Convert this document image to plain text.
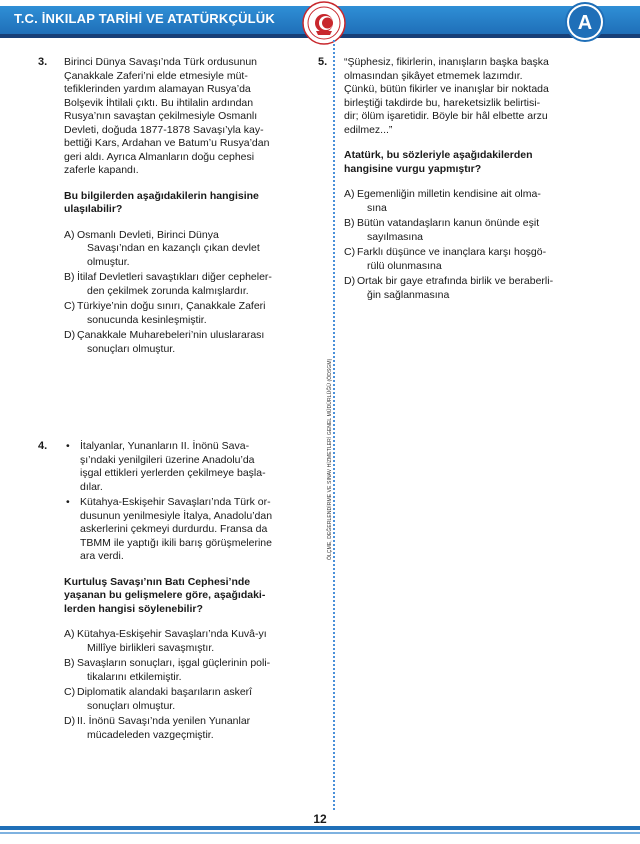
T.C. İNKILAP TARİHİ VE ATATÜRKÇÜLÜK	A
ÖLÇME, DEĞERLENDİRME VE SINAV HİZMETLERİ GENEL MÜDÜRLÜĞÜ (ÖDSGM)
3. Birinci Dünya Savaşı’nda Türk ordusunun

Çanakkale Zaferi’ni elde etmesiyle müt-

tefiklerinden yardım alamayan Rusya’da

Bolşevik İhtilali çıktı. Bu ihtilalin ardından

Rusya’nın savaştan çekilmesiyle Osmanlı

Devleti, doğuda 1877-1878 Savaşı’yla kay-

bettiği Kars, Ardahan ve Batum’u Rusya’dan

geri aldı. Ayrıca Almanların doğu cephesi

zaferle kapandı.

Bu bilgilerden aşağıdakilerin hangisine
ulaşılabilir?
A) Osmanlı Devleti, Birinci Dünya
Savaşı’ndan en kazançlı çıkan devlet
olmuştur.
B) İtilaf Devletleri savaştıkları diğer cepheler-
den çekilmek zorunda kalmışlardır.
C) Türkiye’nin doğu sınırı, Çanakkale Zaferi
sonucunda kesinleşmiştir.
D) Çanakkale Muharebeleri’nin uluslararası
sonuçları olmuştur.
4. • İtalyanlar, Yunanların II. İnönü Sava-
şı’ndaki yenilgileri üzerine Anadolu’da
işgal ettikleri yerlerden çekilmeye başla-
dılar.
• Kütahya-Eskişehir Savaşları’nda Türk or-
dusunun yenilmesiyle İtalya, Anadolu’dan
askerlerini çekmeyi durdurdu. Fransa da
TBMM ile yaptığı ikili barış görüşmelerine
ara verdi.
Kurtuluş Savaşı’nın Batı Cephesi’nde
yaşanan bu gelişmelere göre, aşağıdaki-
lerden hangisi söylenebilir?
A) Kütahya-Eskişehir Savaşları’nda Kuvâ-yı
Millîye birlikleri savaşmıştır.
B) Savaşların sonuçları, işgal güçlerinin poli-
tikalarını etkilemiştir.
C) Diplomatik alandaki başarıların askerî
sonuçları olmuştur.
D) II. İnönü Savaşı’nda yenilen Yunanlar
mücadeleden vazgeçmiştir.
5. “Şüphesiz, fikirlerin, inanışların başka başka

olmasından şikâyet etmemek lazımdır.

Çünkü, bütün fikirler ve inanışlar bir noktada

birleştiği takdirde bu, hareketsizlik belirtisi-

dir; ölüm işaretidir. Böyle bir hâl elbette arzu

edilmez...”

Atatürk, bu sözleriyle aşağıdakilerden
hangisine vurgu yapmıştır?
A) Egemenliğin milletin kendisine ait olma-
sına
B) Bütün vatandaşların kanun önünde eşit
sayılmasına
C) Farklı düşünce ve inançlara karşı hoşgö-
rülü olunmasına
D) Ortak bir gaye etrafında birlik ve beraberli-
ğin sağlanmasına
12
